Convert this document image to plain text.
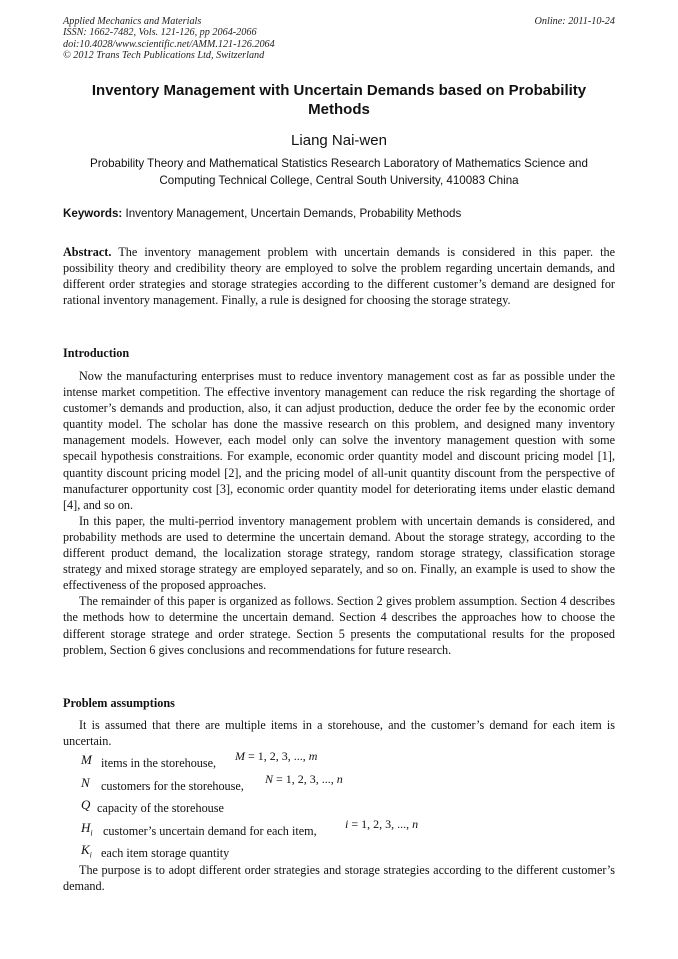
Applied Mechanics and Materials
ISSN: 1662-7482, Vols. 121-126, pp 2064-2066
doi:10.4028/www.scientific.net/AMM.121-126.2064
© 2012 Trans Tech Publications Ltd, Switzerland
Online: 2011-10-24
Inventory Management with Uncertain Demands based on Probability Methods
Liang Nai-wen
Probability Theory and Mathematical Statistics Research Laboratory of Mathematics Science and Computing Technical College, Central South University, 410083 China
Keywords: Inventory Management, Uncertain Demands, Probability Methods
Abstract. The inventory management problem with uncertain demands is considered in this paper. the possibility theory and credibility theory are employed to solve the problem regarding uncertain demands, and different order strategies and storage strategies according to the different customer’s demand are designed for rational inventory management. Finally, a rule is designed for choosing the storage strategy.
Introduction

Now the manufacturing enterprises must to reduce inventory management cost as far as possible under the intense market competition. The effective inventory management can reduce the risk regarding the shortage of customer’s demands and production, also, it can adjust production, deduce the order fee by the economic order quantity model. The scholar has done the massive research on this problem, and designed many inventory management models. However, each model only can solve the inventory management question with some specail hypothesis constraitions. For example, economic order quantity model and discount pricing model [1], quantity discount pricing model [2], and the pricing model of all-unit quantity discount from the perspective of manufacturer opportunity cost [3], economic order quantity model for deteriorating items under elastic demand [4], and so on.

In this paper, the multi-perriod inventory management problem with uncertain demands is considered, and probability methods are used to determine the uncertain demand. About the storage strategy, according to the different product demand, the localization storage strategy, random storage strategy, classification storage strategy and mixed storage strategy are employed separately, and so on. Finally, an example is used to show the effectiveness of the proposed approaches.

The remainder of this paper is organized as follows. Section 2 gives problem assumption. Section 4 describes the methods how to determine the uncertain demand. Section 4 describes the approaches how to choose the different storage stratege and order stratege. Section 5 presents the computational results for the proposed problem, Section 6 gives conclusions and recommendations for future research.

Problem assumptions

It is assumed that there are multiple items in a storehouse, and the customer’s demand for each item is uncertain.

M items in the storehouse, M = 1, 2, 3, ..., m
N customers for the storehouse, N = 1, 2, 3, ..., n
Q capacity of the storehouse
$H_i$ customer’s uncertain demand for each item, i = 1, 2, 3, ..., n
$K_i$ each item storage quantity

The purpose is to adopt different order strategies and storage strategies according to the different customer’s demand.
